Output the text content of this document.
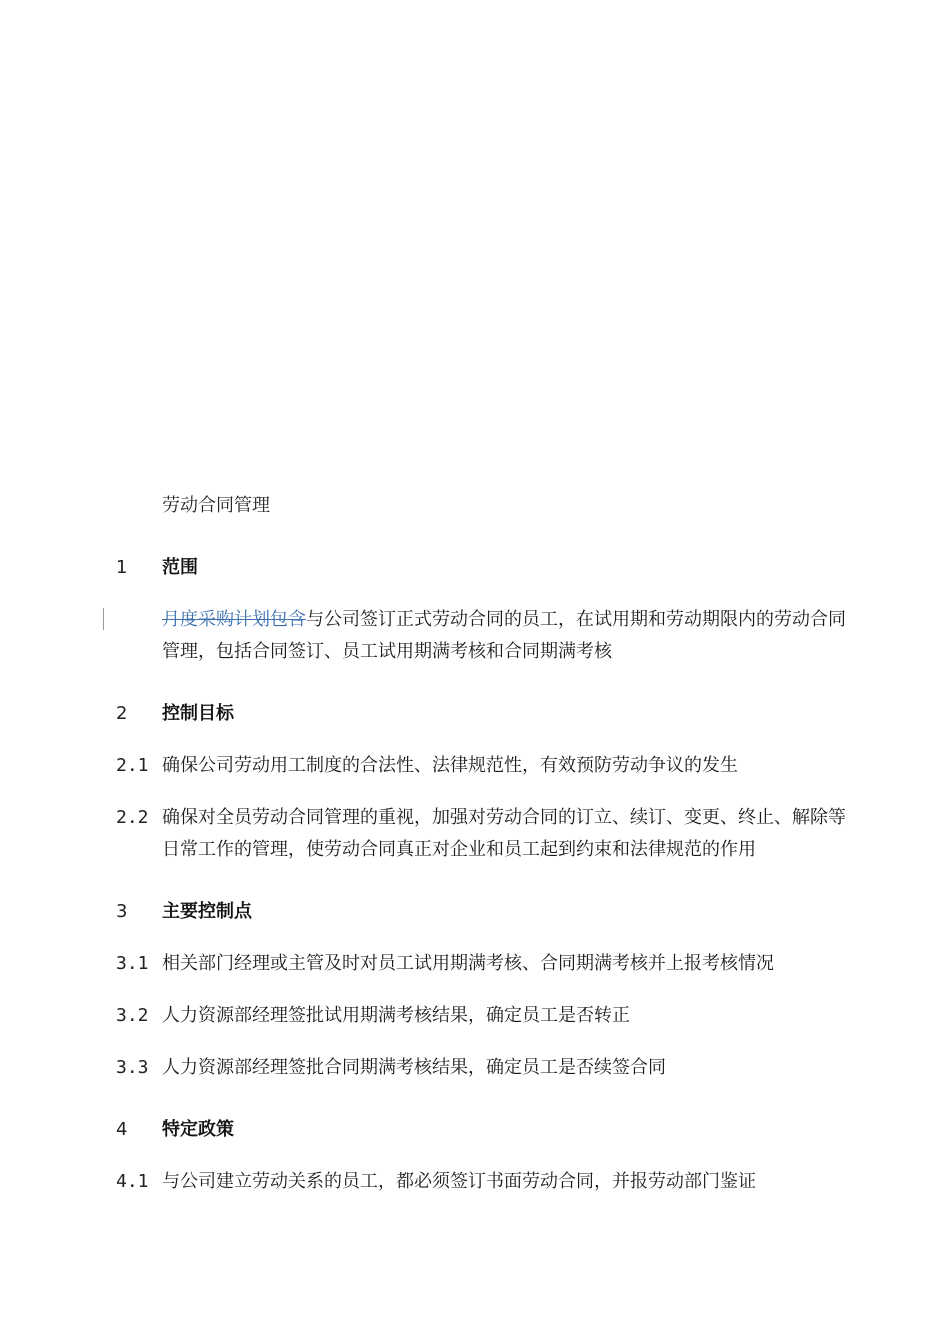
劳动合同管理
1 范围

月度采购计划包含与公司签订正式劳动合同的员工，在试用期和劳动期限内的劳动合同管理，包括合同签订、员工试用期满考核和合同期满考核

2 控制目标
2.1 确保公司劳动用工制度的合法性、法律规范性，有效预防劳动争议的发生
2.2 确保对全员劳动合同管理的重视，加强对劳动合同的订立、续订、变更、终止、解除等日常工作的管理，使劳动合同真正对企业和员工起到约束和法律规范的作用
3 主要控制点
3.1 相关部门经理或主管及时对员工试用期满考核、合同期满考核并上报考核情况
3.2 人力资源部经理签批试用期满考核结果，确定员工是否转正
3.3 人力资源部经理签批合同期满考核结果，确定员工是否续签合同
4 特定政策
4.1 与公司建立劳动关系的员工，都必须签订书面劳动合同，并报劳动部门鉴证
